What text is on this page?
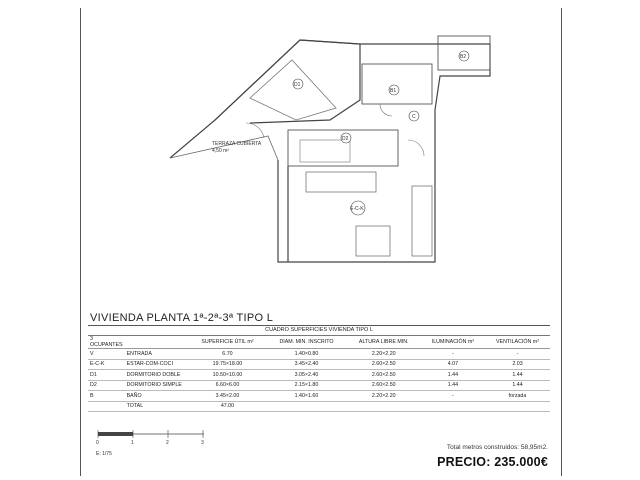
D1
D2
B1
B2
E-C-K
C
TERRAZA CUBIERTA
4,50 m²
VIVIENDA PLANTA 1ª-2ª-3ª TIPO L
CUADRO SUPERFICIES VIVIENDA TIPO L
3 OCUPANTES		SUPERFICIE ÚTIL m²	DIAM. MIN. INSCRITO	ALTURA LIBRE MIN.	ILUMINACIÓN m²	VENTILACIÓN m²
V	ENTRADA	6.70	1.40×0.80	2.20×2.20	-	-
E-C-K	ESTAR-COM-COCI	19.75×18.00	3.45×2.40	2.60×2.50	4.07	2.03
D1	DORMITORIO DOBLE	10.50×10.00	3.05×2.40	2.60×2.50	1.44	1.44
D2	DORMITORIO SIMPLE	6.60×6.00	2.15×1.80	2.60×2.50	1.44	1.44
B	BAÑO	3.45×2.00	1.40×1.60	2.20×2.20	-	forzada
	TOTAL	47.00				
0	1	2	3
E: 1/75
Total metros construidos: 58,95m2.
PRECIO: 235.000€
